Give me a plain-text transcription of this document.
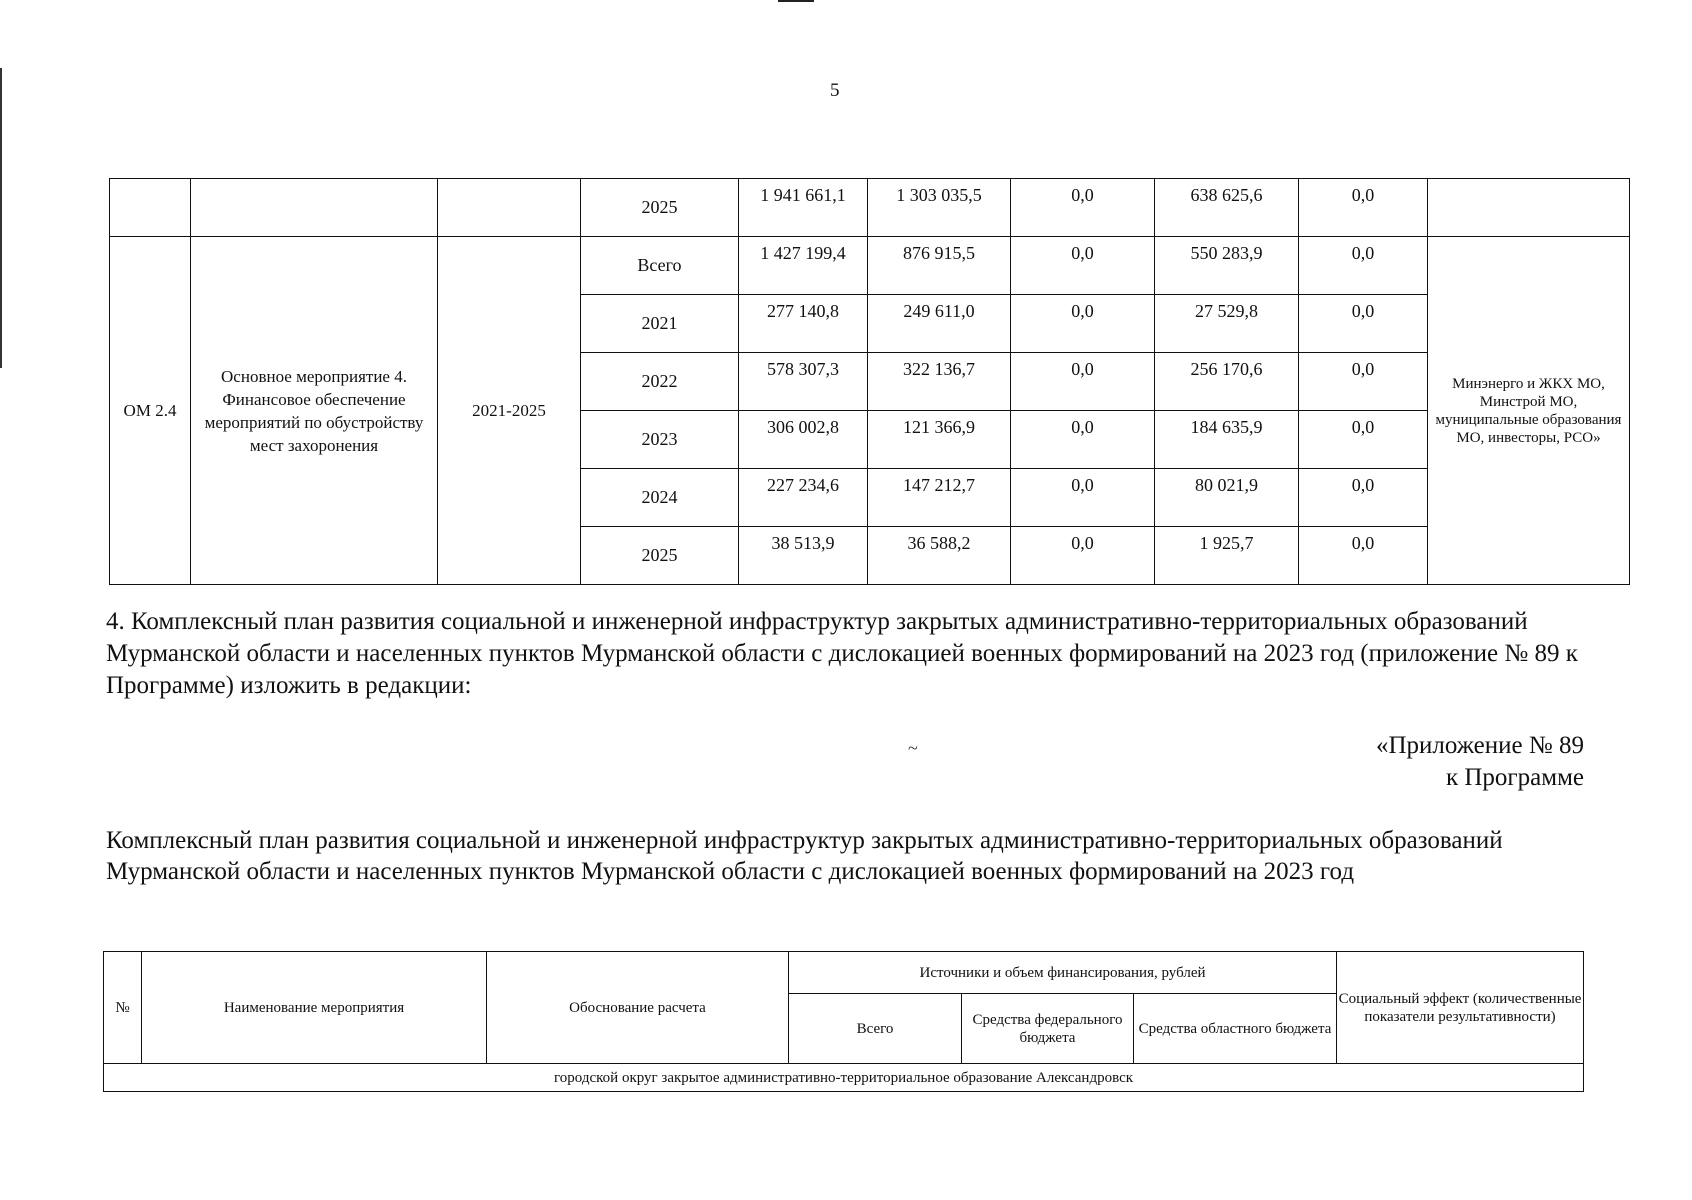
5
			2025	1 941 661,1	1 303 035,5	0,0	638 625,6	0,0	
ОМ 2.4	Основное мероприятие 4. Финансовое обеспечение мероприятий по обустройству мест захоронения	2021-2025	Всего	1 427 199,4	876 915,5	0,0	550 283,9	0,0	Минэнерго и ЖКХ МО, Минстрой МО, муниципальные образования МО, инвесторы, РСО»
			2021	277 140,8	249 611,0	0,0	27 529,8	0,0	
			2022	578 307,3	322 136,7	0,0	256 170,6	0,0	
			2023	306 002,8	121 366,9	0,0	184 635,9	0,0	
			2024	227 234,6	147 212,7	0,0	80 021,9	0,0	
			2025	38 513,9	36 588,2	0,0	1 925,7	0,0	

4. Комплексный план развития социальной и инженерной инфраструктур закрытых административно-территориальных образований Мурманской области и населенных пунктов Мурманской области с дислокацией военных формирований на 2023 год (приложение № 89 к Программе) изложить в редакции:

~	«Приложение № 89
к Программе

Комплексный план развития социальной и инженерной инфраструктур закрытых административно-территориальных образований Мурманской области и населенных пунктов Мурманской области с дислокацией военных формирований на 2023 год

№	Наименование мероприятия	Обоснование расчета	Источники и объем финансирования, рублей			Социальный эффект (количественные показатели результативности)
			Всего	Средства федерального бюджета	Средства областного бюджета	
городской округ закрытое административно-территориальное образование Александровск						
